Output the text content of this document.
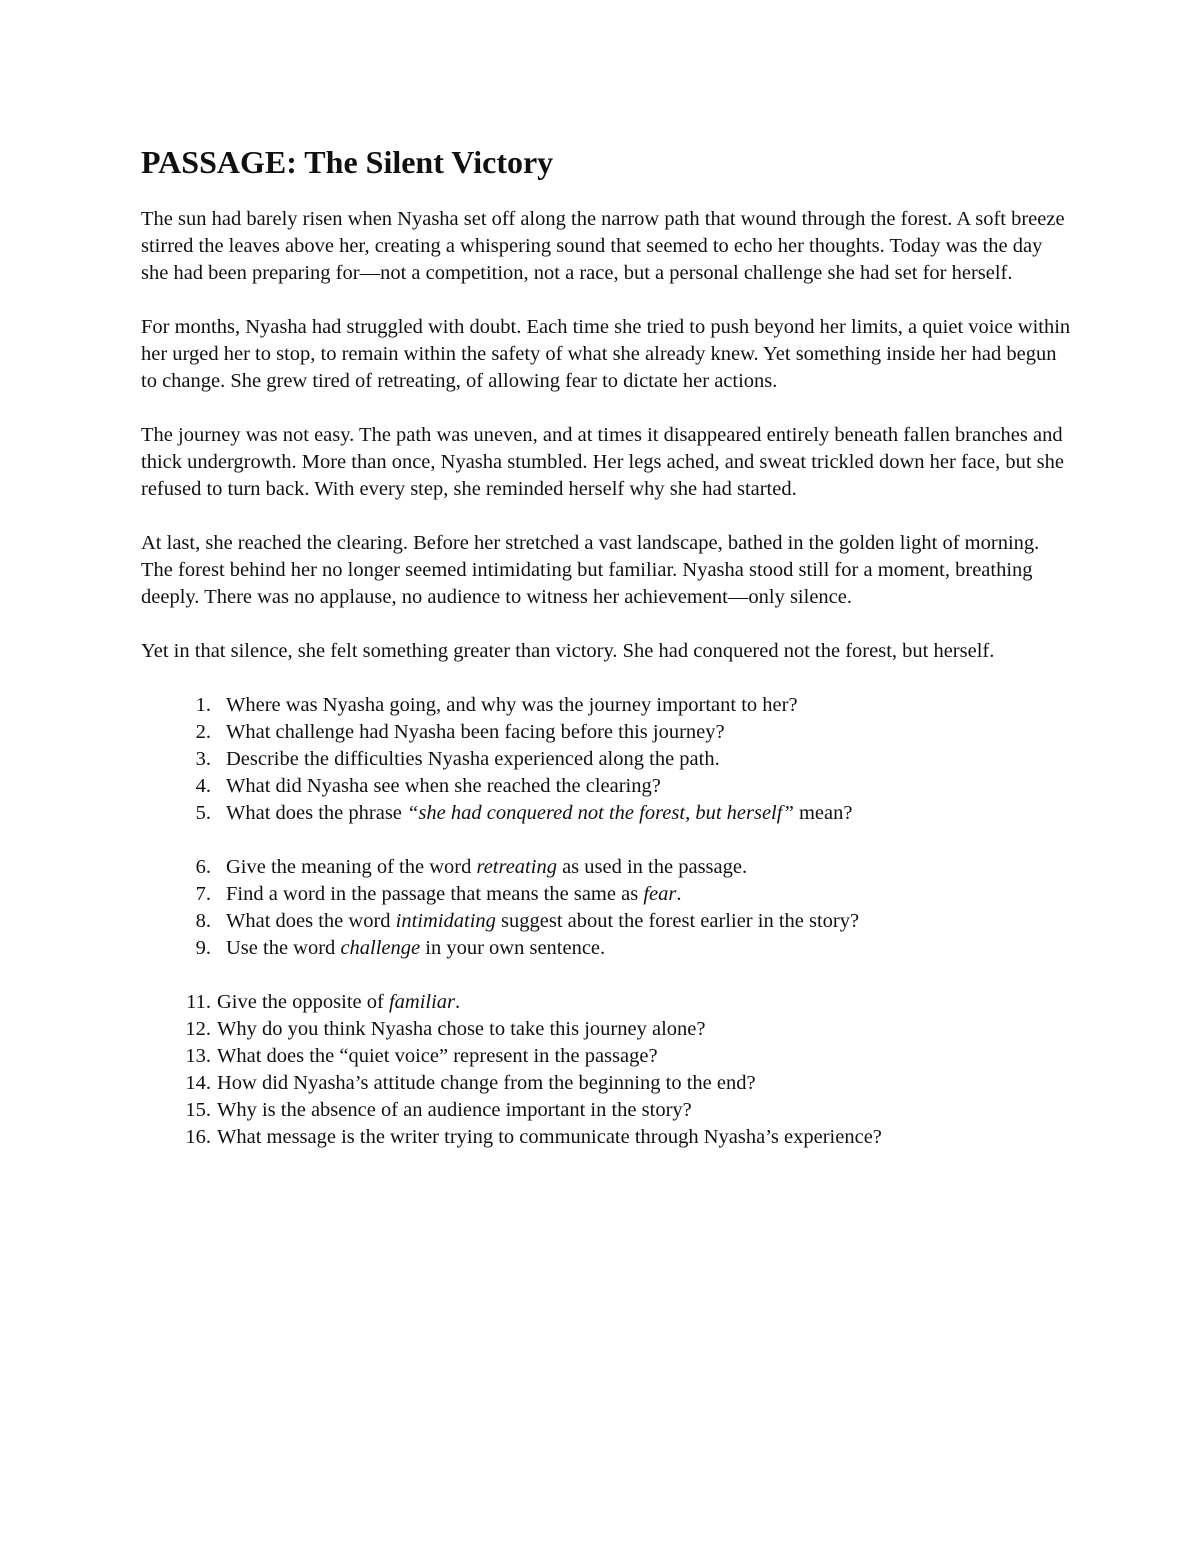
PASSAGE: The Silent Victory
The sun had barely risen when Nyasha set off along the narrow path that wound through the forest. A soft breeze stirred the leaves above her, creating a whispering sound that seemed to echo her thoughts. Today was the day she had been preparing for—not a competition, not a race, but a personal challenge she had set for herself.
For months, Nyasha had struggled with doubt. Each time she tried to push beyond her limits, a quiet voice within her urged her to stop, to remain within the safety of what she already knew. Yet something inside her had begun to change. She grew tired of retreating, of allowing fear to dictate her actions.
The journey was not easy. The path was uneven, and at times it disappeared entirely beneath fallen branches and thick undergrowth. More than once, Nyasha stumbled. Her legs ached, and sweat trickled down her face, but she refused to turn back. With every step, she reminded herself why she had started.
At last, she reached the clearing. Before her stretched a vast landscape, bathed in the golden light of morning. The forest behind her no longer seemed intimidating but familiar. Nyasha stood still for a moment, breathing deeply. There was no applause, no audience to witness her achievement—only silence.
Yet in that silence, she felt something greater than victory. She had conquered not the forest, but herself.
1. Where was Nyasha going, and why was the journey important to her?
2. What challenge had Nyasha been facing before this journey?
3. Describe the difficulties Nyasha experienced along the path.
4. What did Nyasha see when she reached the clearing?
5. What does the phrase “she had conquered not the forest, but herself” mean?
6. Give the meaning of the word retreating as used in the passage.
7. Find a word in the passage that means the same as fear.
8. What does the word intimidating suggest about the forest earlier in the story?
9. Use the word challenge in your own sentence.
11. Give the opposite of familiar.
12. Why do you think Nyasha chose to take this journey alone?
13. What does the “quiet voice” represent in the passage?
14. How did Nyasha’s attitude change from the beginning to the end?
15. Why is the absence of an audience important in the story?
16. What message is the writer trying to communicate through Nyasha’s experience?
